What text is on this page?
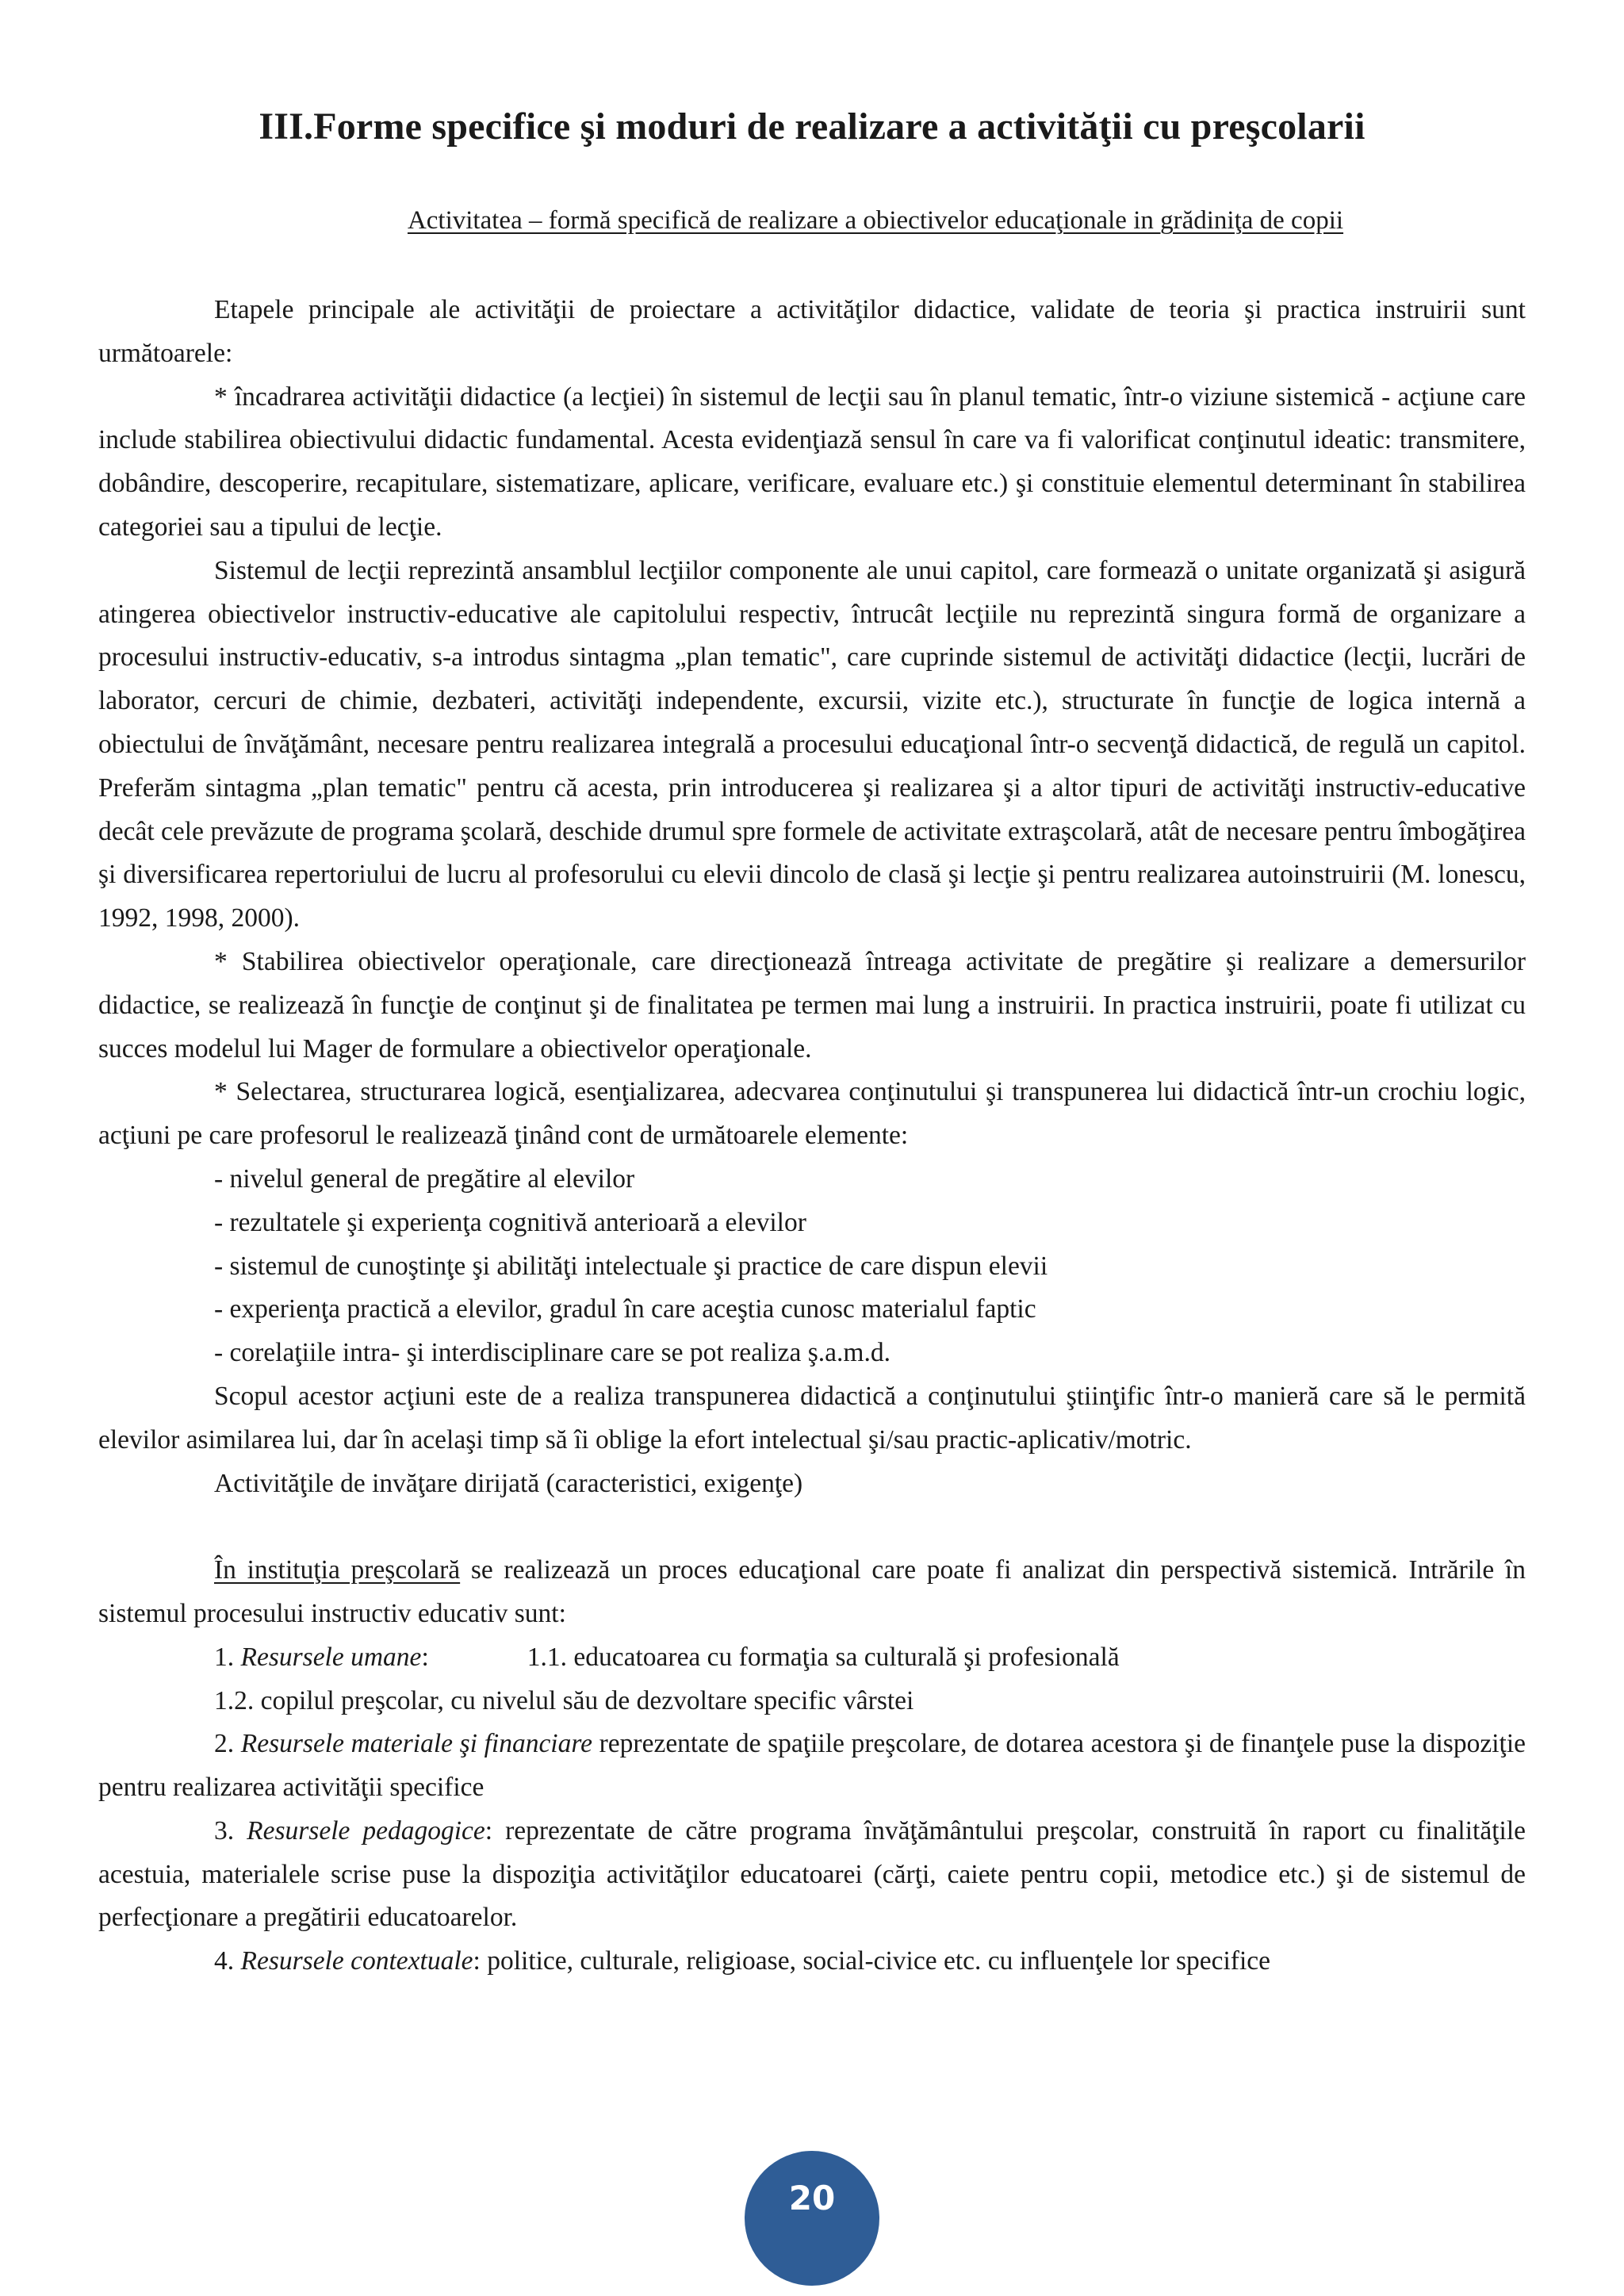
III.Forme specifice şi moduri de realizare a activităţii cu preşcolarii
Activitatea – formă specifică de realizare a obiectivelor educaţionale in grădiniţa de copii

Etapele principale ale activităţii de proiectare a activităţilor didactice, validate de teoria şi practica instruirii sunt următoarele:

* încadrarea activităţii didactice (a lecţiei) în sistemul de lecţii sau în planul tematic, într-o viziune sistemică - acţiune care include stabilirea obiectivului didactic fundamental. Acesta evidenţiază sensul în care va fi valorificat conţinutul ideatic: transmitere, dobândire, descoperire, recapitulare, sistematizare, aplicare, verificare, evaluare etc.) şi constituie elementul determinant în stabilirea categoriei sau a tipului de lecţie.

Sistemul de lecţii reprezintă ansamblul lecţiilor componente ale unui capitol, care formează o unitate organizată şi asigură atingerea obiectivelor instructiv-educative ale capitolului respectiv, întrucât lecţiile nu reprezintă singura formă de organizare a procesului instructiv-educativ, s-a introdus sintagma „plan tematic", care cuprinde sistemul de activităţi didactice (lecţii, lucrări de laborator, cercuri de chimie, dezbateri, activităţi independente, excursii, vizite etc.), structurate în funcţie de logica internă a obiectului de învăţământ, necesare pentru realizarea integrală a procesului educaţional într-o secvenţă didactică, de regulă un capitol. Preferăm sintagma „plan tematic" pentru că acesta, prin introducerea şi realizarea şi a altor tipuri de activităţi instructiv-educative decât cele prevăzute de programa şcolară, deschide drumul spre formele de activitate extraşcolară, atât de necesare pentru îmbogăţirea şi diversificarea repertoriului de lucru al profesorului cu elevii dincolo de clasă şi lecţie şi pentru realizarea autoinstruirii (M. lonescu, 1992, 1998, 2000).

* Stabilirea obiectivelor operaţionale, care direcţionează întreaga activitate de pregătire şi realizare a demersurilor didactice, se realizează în funcţie de conţinut şi de finalitatea pe termen mai lung a instruirii. In practica instruirii, poate fi utilizat cu succes modelul lui Mager de formulare a obiectivelor operaţionale.

* Selectarea, structurarea logică, esenţializarea, adecvarea conţinutului şi transpunerea lui didactică într-un crochiu logic, acţiuni pe care profesorul le realizează ţinând cont de următoarele elemente:

- nivelul general de pregătire al elevilor

- rezultatele şi experienţa cognitivă anterioară a elevilor

- sistemul de cunoştinţe şi abilităţi intelectuale şi practice de care dispun elevii

- experienţa practică a elevilor, gradul în care aceştia cunosc materialul faptic

- corelaţiile intra- şi interdisciplinare care se pot realiza ş.a.m.d.

Scopul acestor acţiuni este de a realiza transpunerea didactică a conţinutului ştiinţific într-o manieră care să le permită elevilor asimilarea lui, dar în acelaşi timp să îi oblige la efort intelectual şi/sau practic-aplicativ/motric.

Activităţile de invăţare dirijată (caracteristici, exigenţe)

În instituţia preşcolară se realizează un proces educaţional care poate fi analizat din perspectivă sistemică. Intrările în sistemul procesului instructiv educativ sunt:

1. Resursele umane:	1.1. educatoarea cu formaţia sa culturală şi profesională

1.2. copilul preşcolar, cu nivelul său de dezvoltare specific vârstei

2. Resursele materiale şi financiare reprezentate de spaţiile preşcolare, de dotarea acestora şi de finanţele puse la dispoziţie pentru realizarea activităţii specifice

3. Resursele pedagogice: reprezentate de către programa învăţământului preşcolar, construită în raport cu finalităţile acestuia, materialele scrise puse la dispoziţia activităţilor educatoarei (cărţi, caiete pentru copii, metodice etc.) şi de sistemul de perfecţionare a pregătirii educatoarelor.

4. Resursele contextuale: politice, culturale, religioase, social-civice etc. cu influenţele lor specifice

20
